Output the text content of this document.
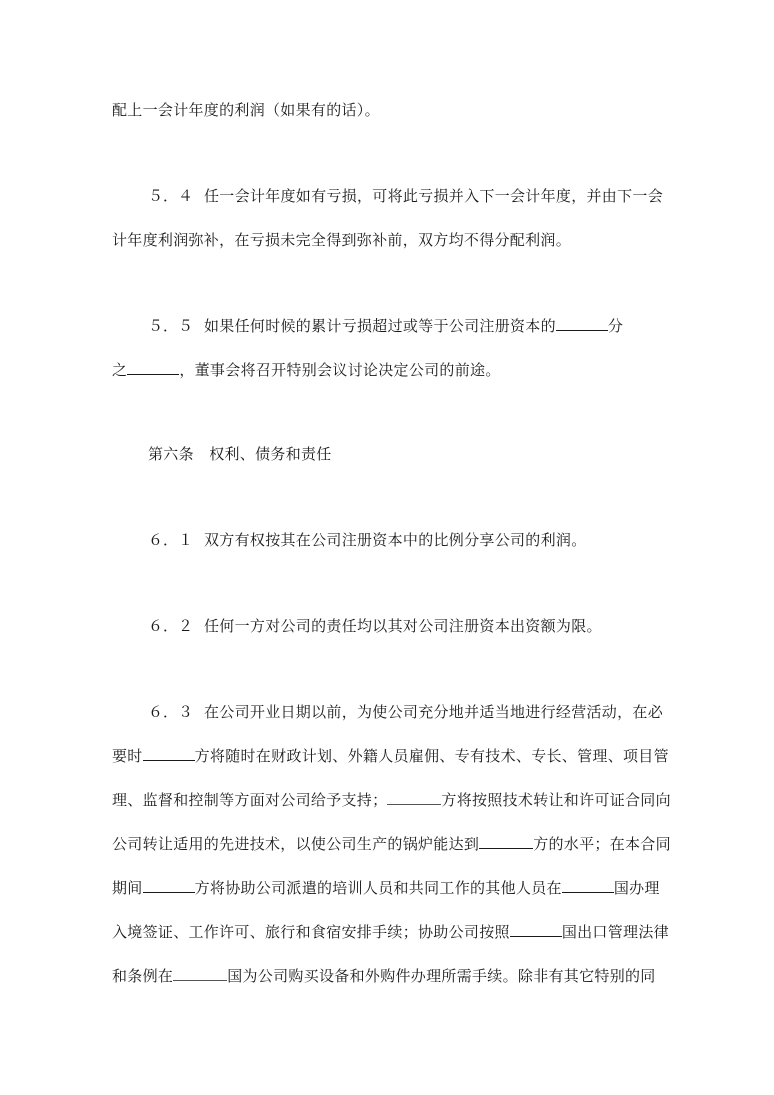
配上一会计年度的利润（如果有的话）。
５．４ 任一会计年度如有亏损，可将此亏损并入下一会计年度，并由下一会
计年度利润弥补，在亏损未完全得到弥补前，双方均不得分配利润。
５．５ 如果任何时候的累计亏损超过或等于公司注册资本的	分
之	，董事会将召开特别会议讨论决定公司的前途。
第六条　权利、债务和责任
６．１ 双方有权按其在公司注册资本中的比例分享公司的利润。
６．２ 任何一方对公司的责任均以其对公司注册资本出资额为限。
６．３ 在公司开业日期以前，为使公司充分地并适当地进行经营活动，在必
要时	方将随时在财政计划、外籍人员雇佣、专有技术、专长、管理、项目管
理、监督和控制等方面对公司给予支持；	方将按照技术转让和许可证合同向
公司转让适用的先进技术，以使公司生产的锅炉能达到	方的水平；在本合同
期间	方将协助公司派遣的培训人员和共同工作的其他人员在	国办理
入境签证、工作许可、旅行和食宿安排手续；协助公司按照	国出口管理法律
和条例在	国为公司购买设备和外购件办理所需手续。除非有其它特别的同
